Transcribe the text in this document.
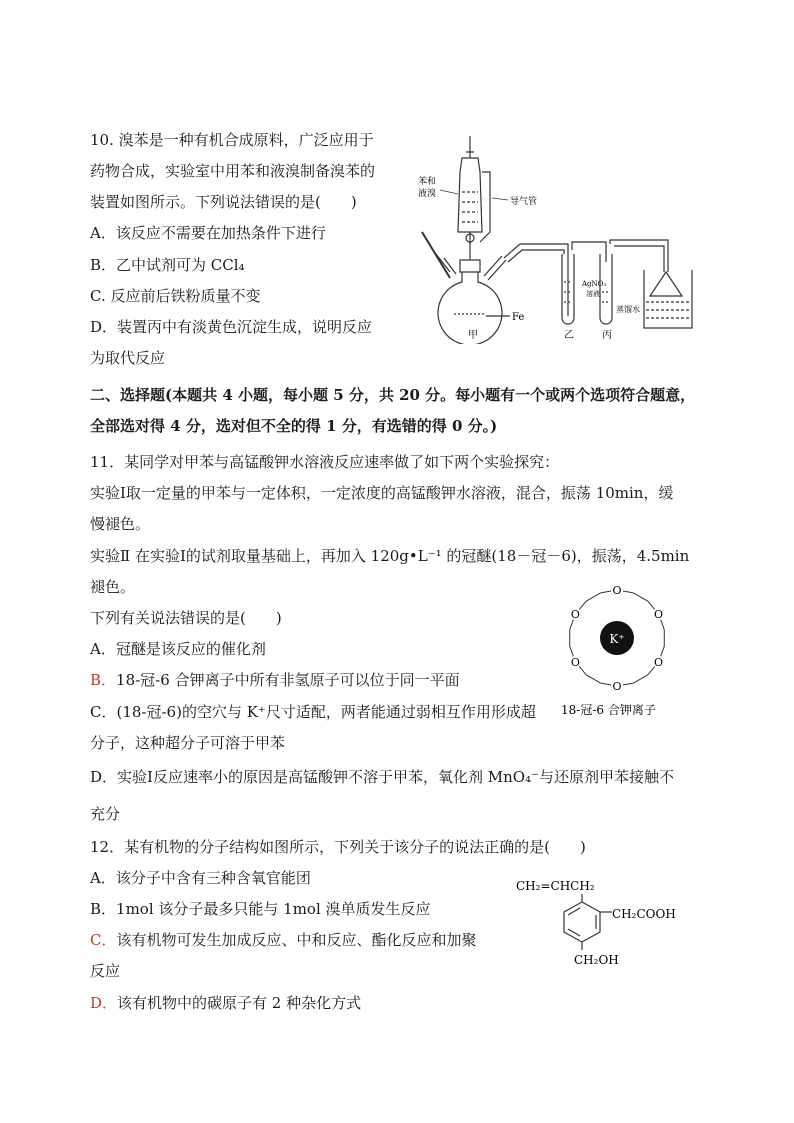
10. 溴苯是一种有机合成原料，广泛应用于
药物合成，实验室中用苯和液溴制备溴苯的
装置如图所示。下列说法错误的是(　　)
A．该反应不需要在加热条件下进行
B．乙中试剂可为 CCl₄
C. 反应前后铁粉质量不变
D．装置丙中有淡黄色沉淀生成，说明反应
为取代反应
苯和
液溴
导气管
Fe
甲	乙	丙
AgNO₃
溶液
蒸馏水
二、选择题(本题共 4 小题，每小题 5 分，共 20 分。每小题有一个或两个选项符合题意，
全部选对得 4 分，选对但不全的得 1 分，有选错的得 0 分。)
11．某同学对甲苯与高锰酸钾水溶液反应速率做了如下两个实验探究：
实验Ⅰ取一定量的甲苯与一定体积，一定浓度的高锰酸钾水溶液，混合，振荡 10min，缓
慢褪色。
实验Ⅱ 在实验Ⅰ的试剂取量基础上，再加入 120g•L⁻¹ 的冠醚(18－冠－6)，振荡，4.5min
褪色。
下列有关说法错误的是(　　)
A．冠醚是该反应的催化剂
B．18-冠-6 合钾离子中所有非氢原子可以位于同一平面
C．(18-冠-6)的空穴与 K⁺尺寸适配，两者能通过弱相互作用形成超
分子，这种超分子可溶于甲苯
D．实验Ⅰ反应速率小的原因是高锰酸钾不溶于甲苯，氧化剂 MnO₄⁻与还原剂甲苯接触不
充分
K⁺
18-冠-6 合钾离子
O
O
O
O
O
O
12．某有机物的分子结构如图所示，下列关于该分子的说法正确的是(　　)
A．该分子中含有三种含氧官能团
B．1mol 该分子最多只能与 1mol 溴单质发生反应
C．该有机物可发生加成反应、中和反应、酯化反应和加聚
反应
D．该有机物中的碳原子有 2 种杂化方式
CH₂=CHCH₂
CH₂COOH
CH₂OH
